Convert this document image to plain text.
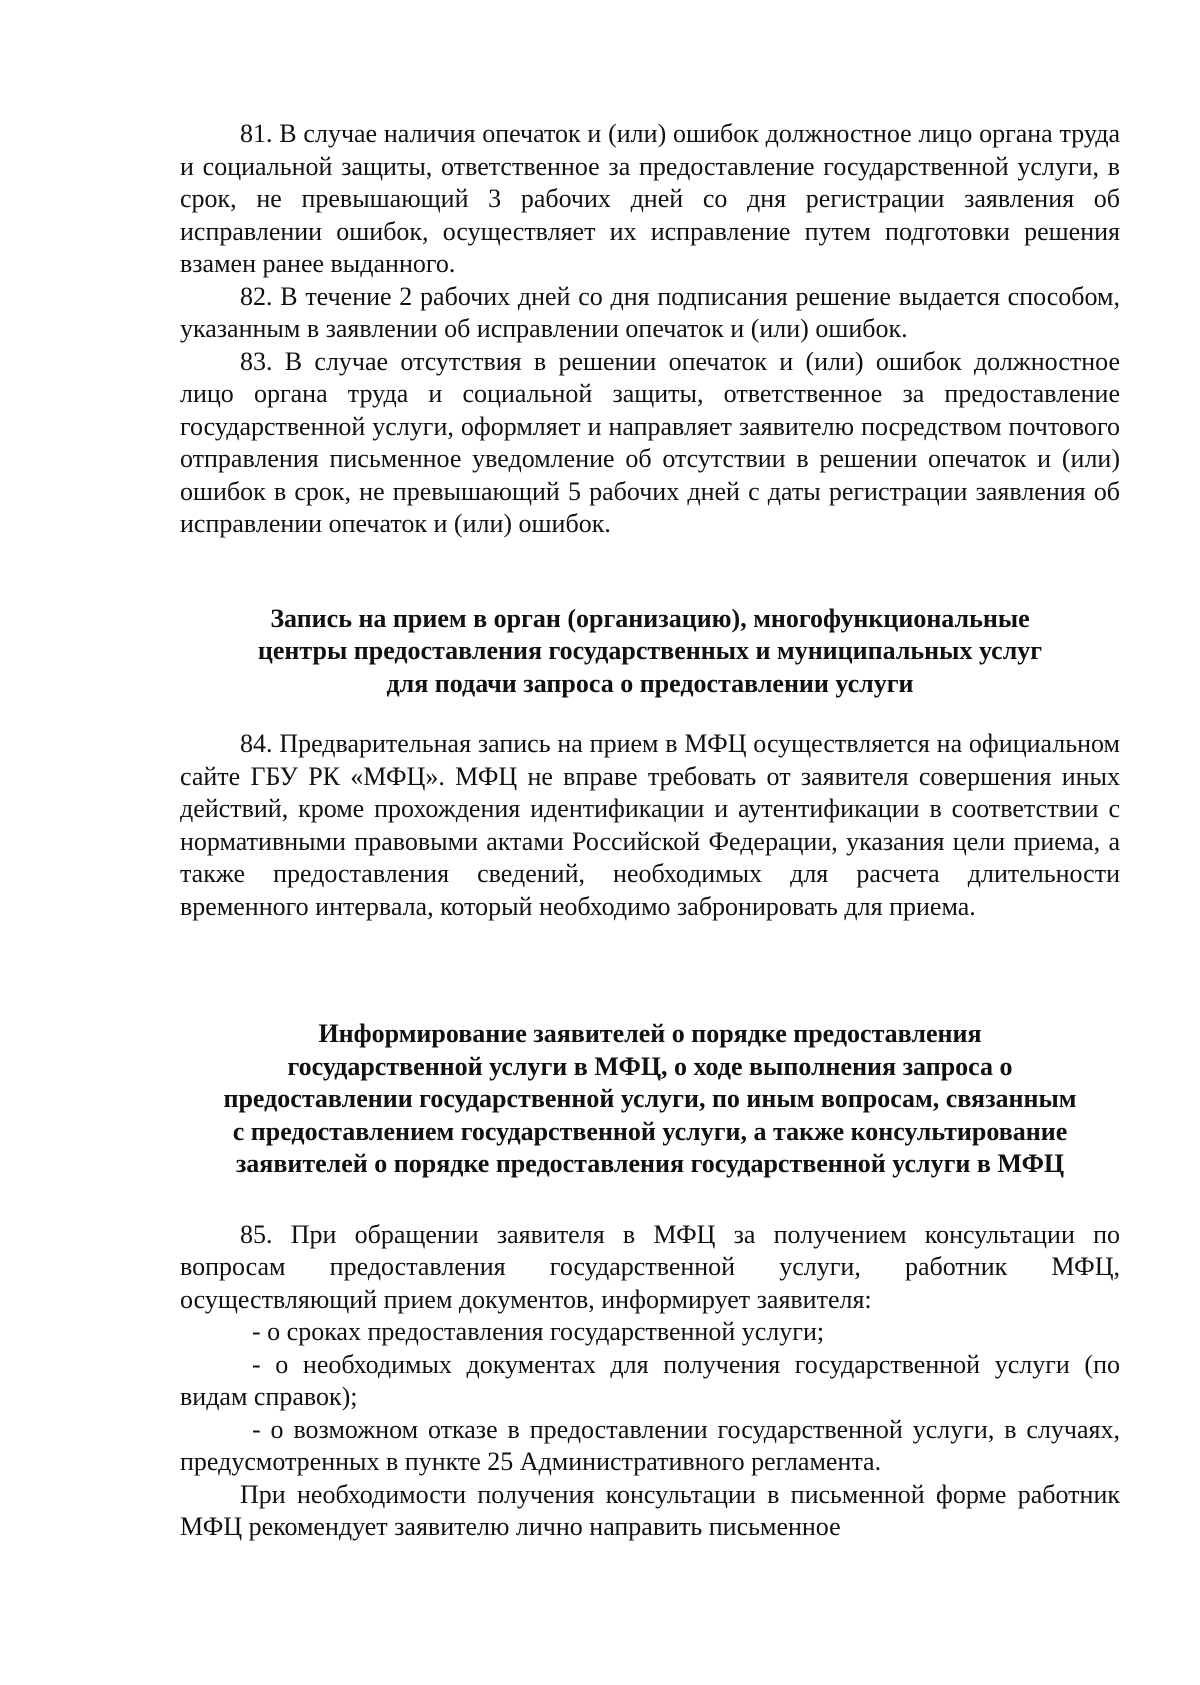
81. В случае наличия опечаток и (или) ошибок должностное лицо органа труда и социальной защиты, ответственное за предоставление государственной услуги, в срок, не превышающий 3 рабочих дней со дня регистрации заявления об исправлении ошибок, осуществляет их исправление путем подготовки решения взамен ранее выданного.

82. В течение 2 рабочих дней со дня подписания решение выдается способом, указанным в заявлении об исправлении опечаток и (или) ошибок.

83. В случае отсутствия в решении опечаток и (или) ошибок должностное лицо органа труда и социальной защиты, ответственное за предоставление государственной услуги, оформляет и направляет заявителю посредством почтового отправления письменное уведомление об отсутствии в решении опечаток и (или) ошибок в срок, не превышающий 5 рабочих дней с даты регистрации заявления об исправлении опечаток и (или) ошибок.

Запись на прием в орган (организацию), многофункциональные
центры предоставления государственных и муниципальных услуг
для подачи запроса о предоставлении услуги

84. Предварительная запись на прием в МФЦ осуществляется на официальном сайте ГБУ РК «МФЦ». МФЦ не вправе требовать от заявителя совершения иных действий, кроме прохождения идентификации и аутентификации в соответствии с нормативными правовыми актами Российской Федерации, указания цели приема, а также предоставления сведений, необходимых для расчета длительности временного интервала, который необходимо забронировать для приема.

Информирование заявителей о порядке предоставления
государственной услуги в МФЦ, о ходе выполнения запроса о
предоставлении государственной услуги, по иным вопросам, связанным
с предоставлением государственной услуги, а также консультирование
заявителей о порядке предоставления государственной услуги в МФЦ

85. При обращении заявителя в МФЦ за получением консультации по вопросам предоставления государственной услуги, работник МФЦ, осуществляющий прием документов, информирует заявителя:

- о сроках предоставления государственной услуги;

- о необходимых документах для получения государственной услуги (по видам справок);

- о возможном отказе в предоставлении государственной услуги, в случаях, предусмотренных в пункте 25 Административного регламента.

При необходимости получения консультации в письменной форме работник МФЦ рекомендует заявителю лично направить письменное
